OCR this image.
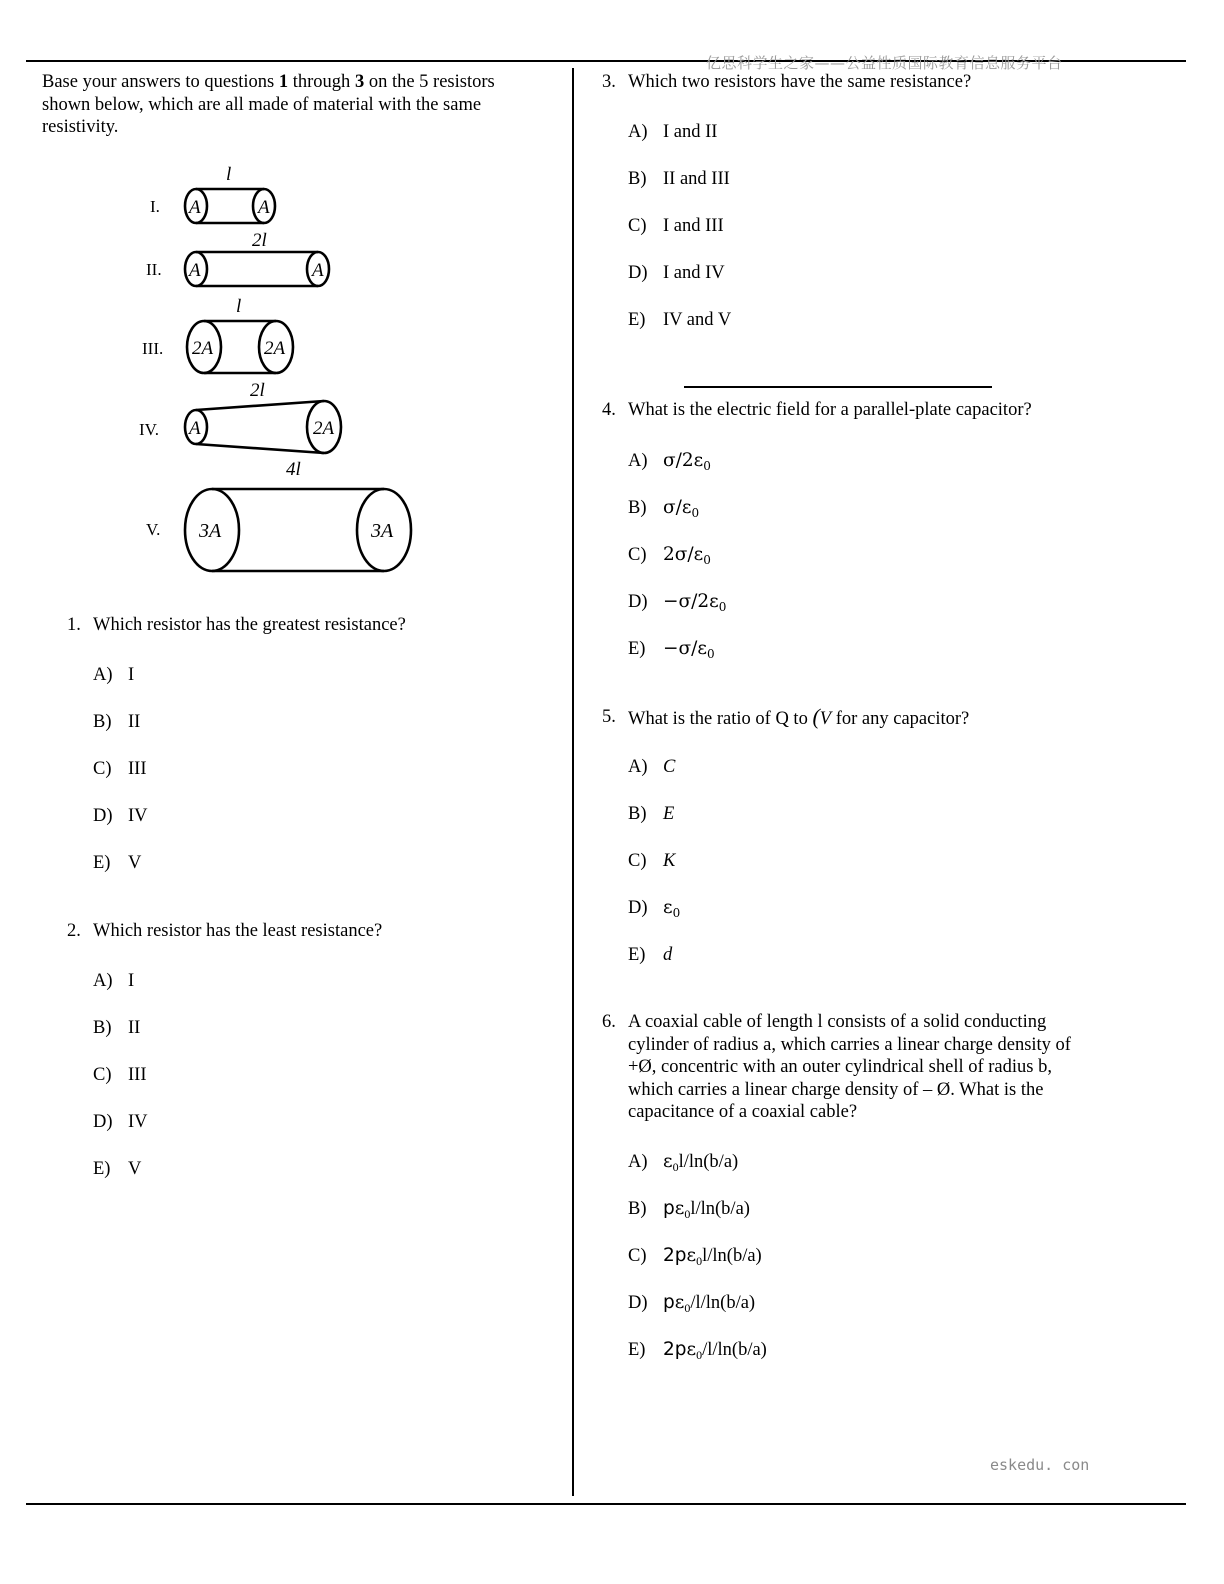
亿思科学生之家——公益性质国际教育信息服务平台
eskedu. con
Base your answers to questions 1 through 3 on the 5 resistors shown below, which are all made of material with the same resistivity.
I.
l
A	A
II.
2l
A	A
III.
l
2A	2A
IV.
2l
A	2A
V.
4l
3A	3A
1. Which resistor has the greatest resistance?
A) I
B) II
C) III
D) IV
E) V
2. Which resistor has the least resistance?
A) I
B) II
C) III
D) IV
E) V
3. Which two resistors have the same resistance?
A) I and II
B) II and III
C) I and III
D) I and IV
E) IV and V
4. What is the electric field for a parallel-plate capacitor?
A) $\sigma/2\varepsilon_0$
B) $\sigma/\varepsilon_0$
C) $2\sigma/\varepsilon_0$
$D) -\sigma/2\varepsilon_0$
$E) -\sigma/\varepsilon_0$
5. What is the ratio of Q to (V for any capacitor?
A) C
B) E
C) K
D) $\varepsilon_0$
E) d
6. A coaxial cable of length l consists of a solid conducting
cylinder of radius a, which carries a linear charge density of
+Ø, concentric with an outer cylindrical shell of radius b,
which carries a linear charge density of – Ø. What is the
capacitance of a coaxial cable?
A) $\varepsilon_0l/\ln(b/a)$
B) $p\varepsilon_0l/\ln(b/a)$
C) $2p\varepsilon_0l/\ln(b/a)$
D) $p\varepsilon_0/l/\ln(b/a)$
E) $2p\varepsilon_0/l/\ln(b/a)$
